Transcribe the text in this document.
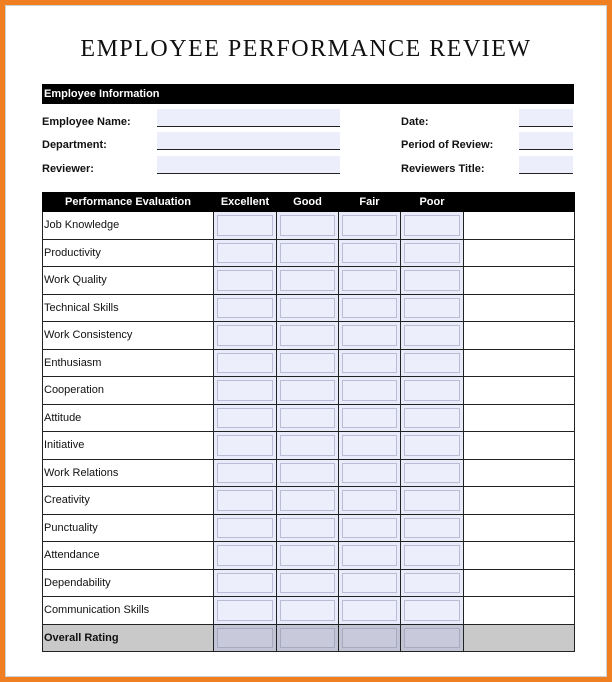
EMPLOYEE PERFORMANCE REVIEW
Employee Information
Employee Name:
Department:
Reviewer:
Date:
Period of Review:
Reviewers Title:
Performance Evaluation	Excellent	Good	Fair	Poor	
Job Knowledge	

Productivity	

Work Quality	

Technical Skills	

Work Consistency	

Enthusiasm	

Cooperation	

Attitude	

Initiative	

Work Relations	

Creativity	

Punctuality	

Attendance	

Dependability	

Communication Skills	

Overall Rating	
